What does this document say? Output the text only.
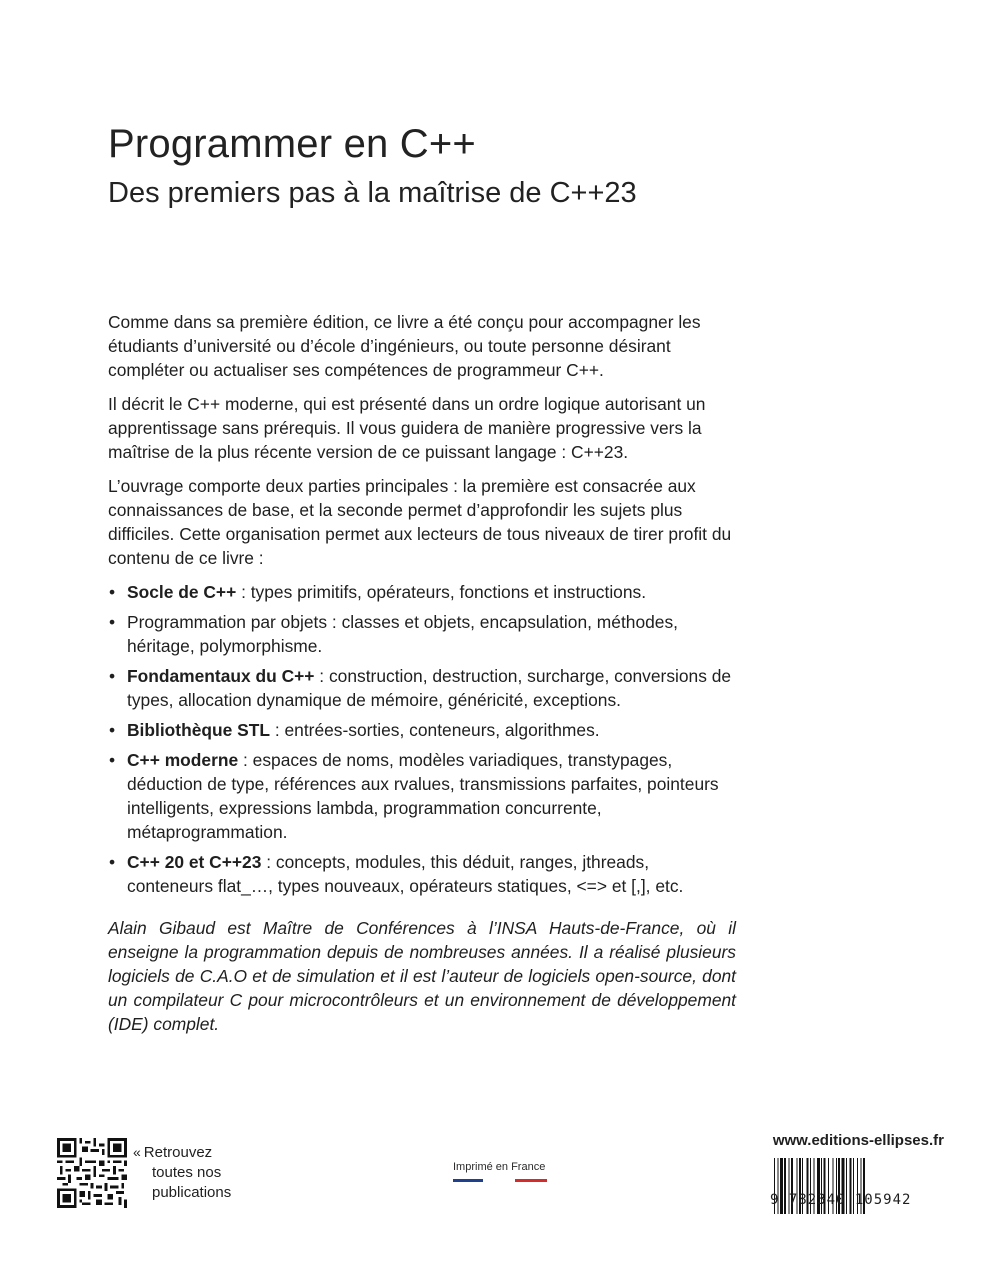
Programmer en C++
Des premiers pas à la maîtrise de C++23

Comme dans sa première édition, ce livre a été conçu pour accompagner les étudiants d’université ou d’école d’ingénieurs, ou toute personne désirant compléter ou actualiser ses compétences de programmeur C++.

Il décrit le C++ moderne, qui est présenté dans un ordre logique autorisant un apprentissage sans prérequis. Il vous guidera de manière progressive vers la maîtrise de la plus récente version de ce puissant langage : C++23.

L’ouvrage comporte deux parties principales : la première est consacrée aux connaissances de base, et la seconde permet d’approfondir les sujets plus difficiles. Cette organisation permet aux lecteurs de tous niveaux de tirer profit du contenu de ce livre :

• Socle de C++ : types primitifs, opérateurs, fonctions et instructions.
• Programmation par objets : classes et objets, encapsulation, méthodes, héritage, polymorphisme.
• Fondamentaux du C++ : construction, destruction, surcharge, conversions de types, allocation dynamique de mémoire, généricité, exceptions.
• Bibliothèque STL : entrées-sorties, conteneurs, algorithmes.
• C++ moderne : espaces de noms, modèles variadiques, transtypages, déduction de type, références aux rvalues, transmissions parfaites, pointeurs intelligents, expressions lambda, programmation concurrente, métaprogrammation.
• C++ 20 et C++23 : concepts, modules, this déduit, ranges, jthreads, conteneurs flat_…, types nouveaux, opérateurs statiques, <=> et [,], etc.

Alain Gibaud est Maître de Conférences à l’INSA Hauts-de-France, où il enseigne la programmation depuis de nombreuses années. Il a réalisé plusieurs logiciels de C.A.O et de simulation et il est l’auteur de logiciels open-source, dont un compilateur C pour microcontrôleurs et un environnement de développement (IDE) complet.

« Retrouvez
toutes nos
publications
Imprimé en France
www.editions-ellipses.fr
9 782340 105942
